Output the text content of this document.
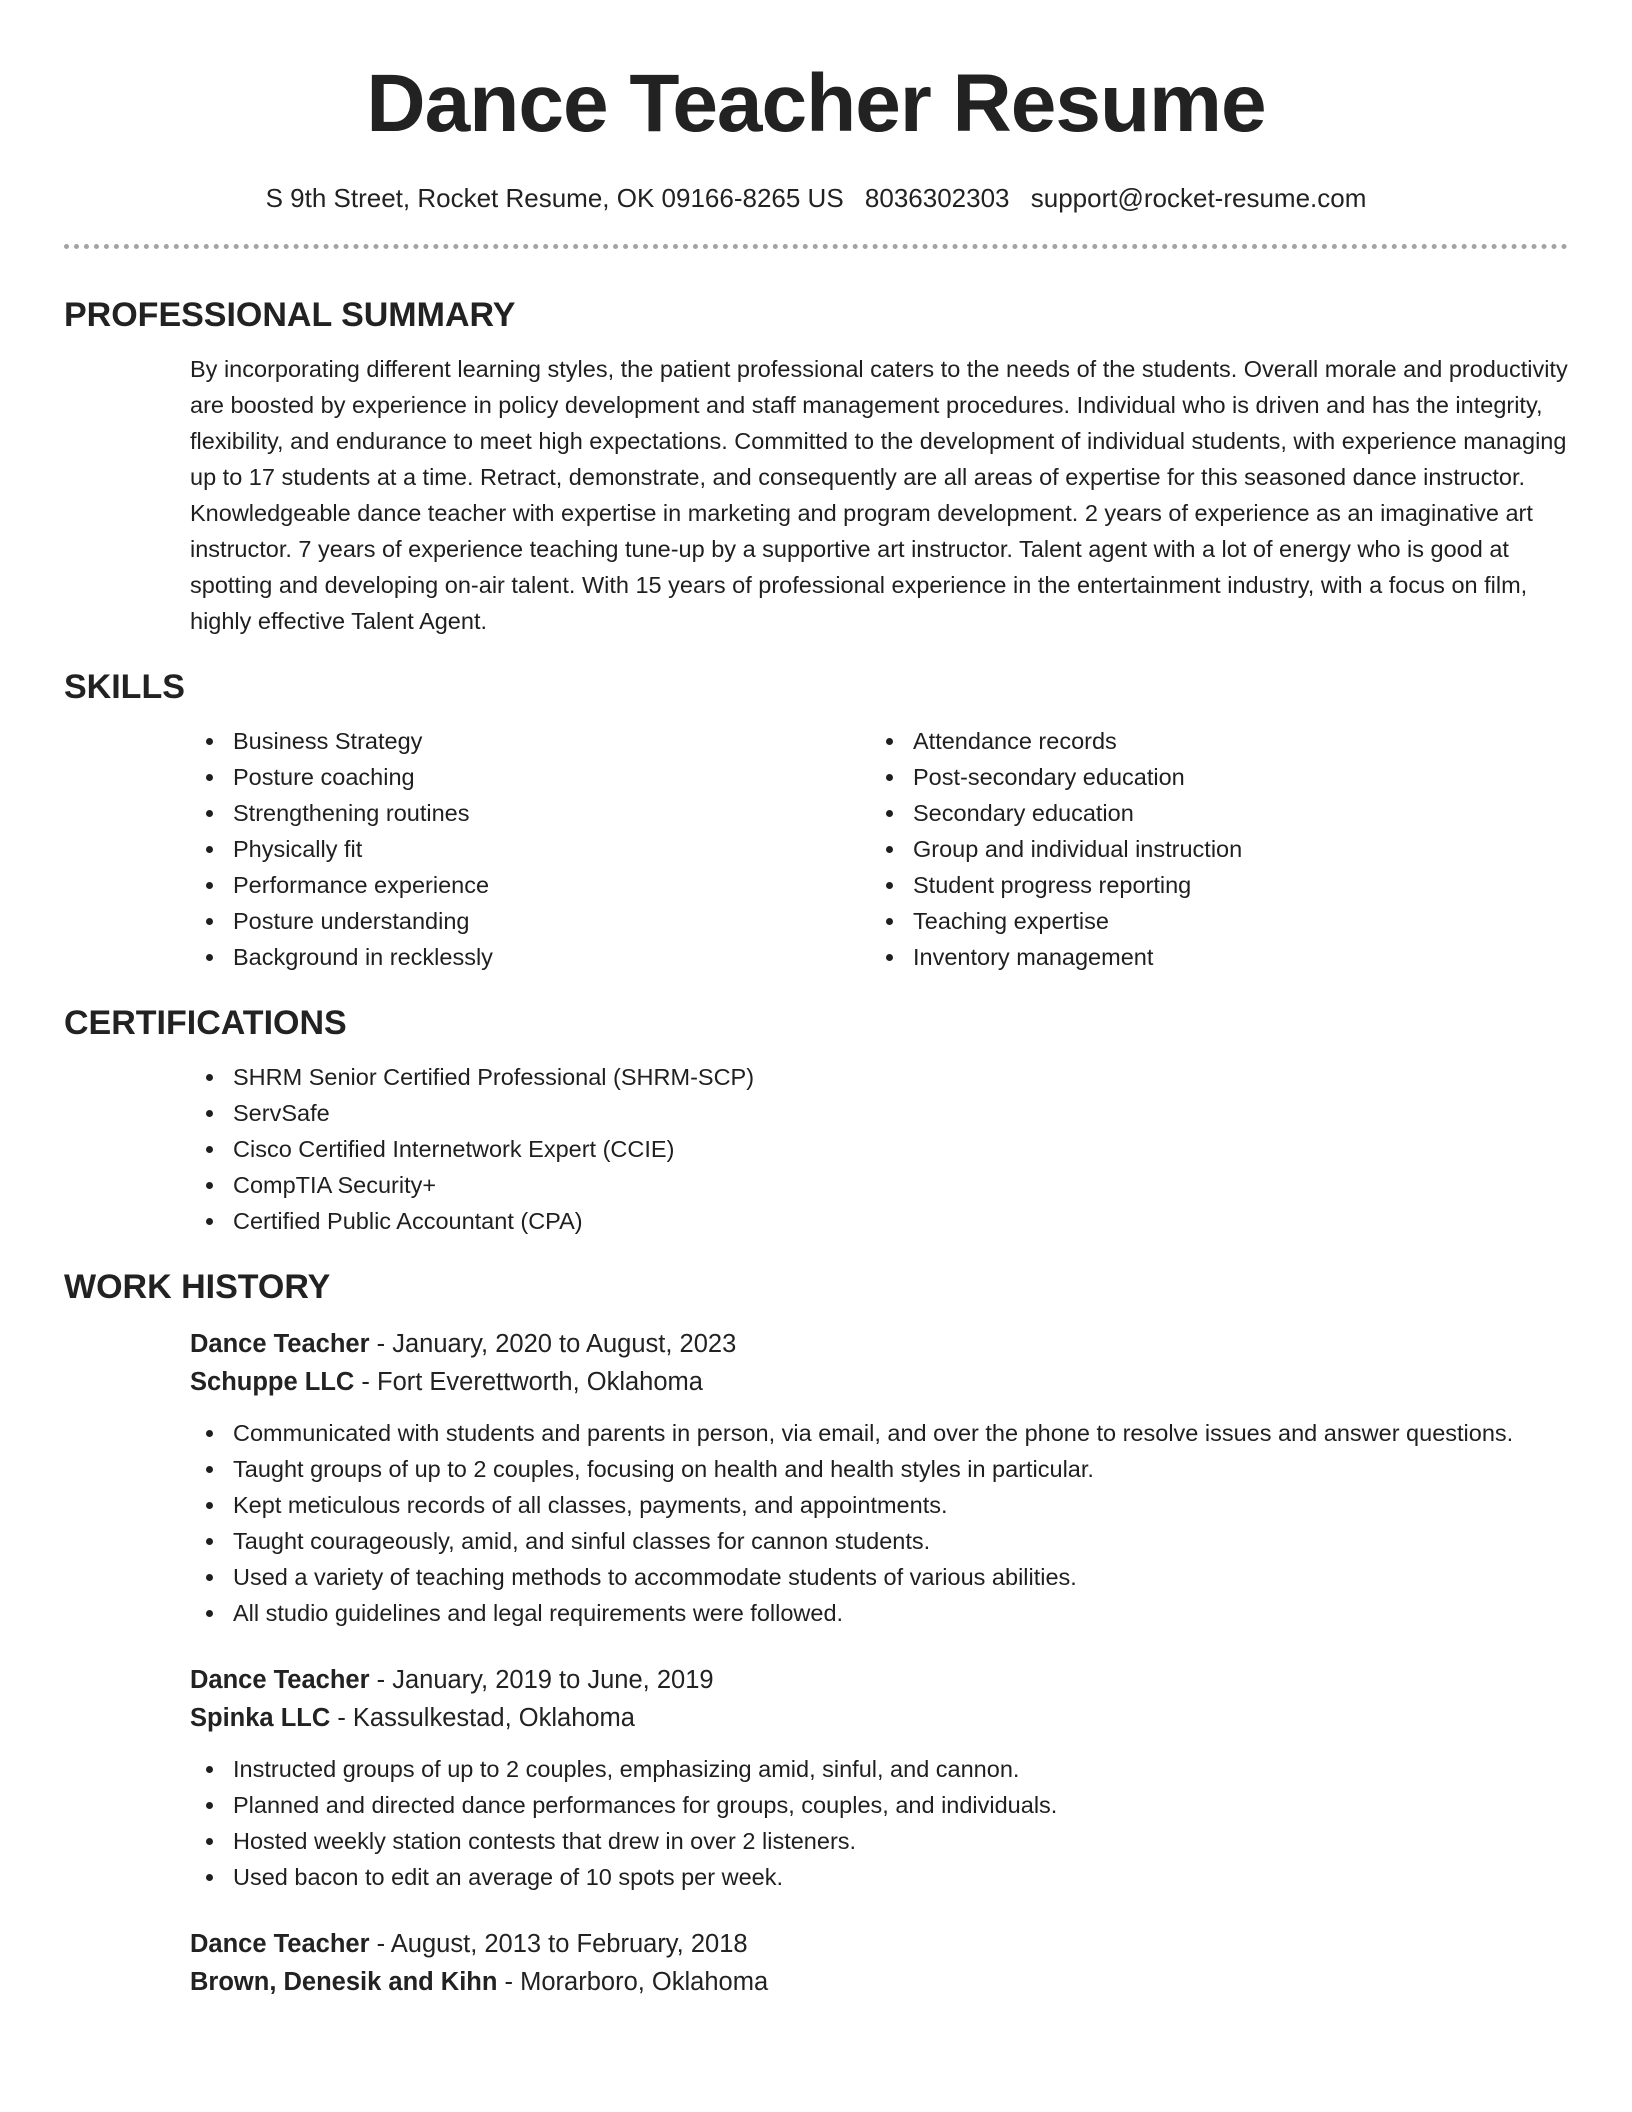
Dance Teacher Resume
S 9th Street, Rocket Resume, OK 09166-8265 US 8036302303 support@rocket-resume.com
PROFESSIONAL SUMMARY

By incorporating different learning styles, the patient professional caters to the needs of the students. Overall morale and productivity are boosted by experience in policy development and staff management procedures. Individual who is driven and has the integrity, flexibility, and endurance to meet high expectations. Committed to the development of individual students, with experience managing up to 17 students at a time. Retract, demonstrate, and consequently are all areas of expertise for this seasoned dance instructor. Knowledgeable dance teacher with expertise in marketing and program development. 2 years of experience as an imaginative art instructor. 7 years of experience teaching tune-up by a supportive art instructor. Talent agent with a lot of energy who is good at spotting and developing on-air talent. With 15 years of professional experience in the entertainment industry, with a focus on film, highly effective Talent Agent.

SKILLS
Business Strategy
Posture coaching
Strengthening routines
Physically fit
Performance experience
Posture understanding
Background in recklessly
Attendance records
Post-secondary education
Secondary education
Group and individual instruction
Student progress reporting
Teaching expertise
Inventory management
CERTIFICATIONS
SHRM Senior Certified Professional (SHRM-SCP)
ServSafe
Cisco Certified Internetwork Expert (CCIE)
CompTIA Security+
Certified Public Accountant (CPA)
WORK HISTORY
Dance Teacher - January, 2020 to August, 2023
Schuppe LLC - Fort Everettworth, Oklahoma
Communicated with students and parents in person, via email, and over the phone to resolve issues and answer questions.
Taught groups of up to 2 couples, focusing on health and health styles in particular.
Kept meticulous records of all classes, payments, and appointments.
Taught courageously, amid, and sinful classes for cannon students.
Used a variety of teaching methods to accommodate students of various abilities.
All studio guidelines and legal requirements were followed.
Dance Teacher - January, 2019 to June, 2019
Spinka LLC - Kassulkestad, Oklahoma
Instructed groups of up to 2 couples, emphasizing amid, sinful, and cannon.
Planned and directed dance performances for groups, couples, and individuals.
Hosted weekly station contests that drew in over 2 listeners.
Used bacon to edit an average of 10 spots per week.
Dance Teacher - August, 2013 to February, 2018
Brown, Denesik and Kihn - Morarboro, Oklahoma
